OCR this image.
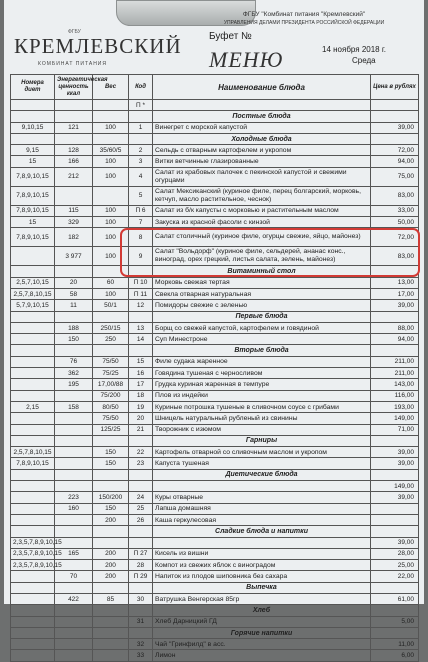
ФГБУ "Комбинат питания "Кремлевский"
УПРАВЛЕНИЯ ДЕЛАМИ ПРЕЗИДЕНТА РОССИЙСКОЙ ФЕДЕРАЦИИ
ФГБУ
КРЕМЛЕВСКИЙ
КОМБИНАТ ПИТАНИЯ
Буфет №
МЕНЮ	14 ноября 2018 г.
Среда
Номера диет	Энергетическая ценность ккал	Вес	Код	Наименование блюда	Цена в рублях
			П *		
				Постные блюда	
9,10,15	121	100	1	Винегрет с морской капустой	39,00
				Холодные блюда	
9,15	128	35/60/5	2	Сельдь с отварным картофелем и укропом	72,00
15	166	100	3	Витки ветчинные глазированные	94,00
7,8,9,10,15	212	100	4	Салат из крабовых палочек с пекинской капустой и свежими огурцами	75,00
7,8,9,10,15			5	Салат Мексиканский (куриное филе, перец болгарский, морковь, кетчуп, масло растительное, чеснок)	83,00
7,8,9,10,15	115	100	П 6	Салат из б/к капусты с морковью и растительным маслом	33,00
15	329	100	7	Закуска из красной фасоли с кинзой	50,00
7,8,9,10,15	182	100	8	Салат столичный (куриное филе, огурцы свежие, яйцо, майонез)	72,00
	3 977	100	9	Салат "Вольдорф" (куриное филе, сельдерей, ананас конс., виноград, орех грецкий, листья салата, зелень, майонез)	83,00
				Витаминный стол	
2,5,7,10,15	20	60	П 10	Морковь свежая тертая	13,00
2,5,7,8,10,15	58	100	П 11	Свекла отварная натуральная	17,00
5,7,9,10,15	11	50/1	12	Помидоры свежие с зеленью	39,00
				Первые блюда	
	188	250/15	13	Борщ со свежей капустой, картофелем и говядиной	88,00
	150	250	14	Суп Минестроне	94,00
				Вторые блюда	
	76	75/50	15	Филе судака жаренное	211,00
	362	75/25	16	Говядина тушеная с черносливом	211,00
	195	17,00/88	17	Грудка куриная жаренная в темпуре	143,00
		75/200	18	Плов из индейки	116,00
2,15	158	80/50	19	Куриные потрошка тушеные в сливочном соусе с грибами	193,00
		75/50	20	Шницель натуральный рубленый из свинины	149,00
		125/25	21	Творожник с изюмом	71,00
				Гарниры	
2,5,7,8,10,15		150	22	Картофель отварной со сливочным маслом и укропом	39,00
7,8,9,10,15		150	23	Капуста тушеная	39,00
				Диетические блюда	
					149,00
	223	150/200	24	Куры отварные	39,00
	160	150	25	Лапша домашняя	
		200	26	Каша геркулесовая	
				Сладкие блюда и напитки	
2,3,5,7,8,9,10,15					39,00
2,3,5,7,8,9,10,15	165	200	П 27	Кисель из вишни	28,00
2,3,5,7,8,9,10,15		200	28	Компот из свежих яблок с виноградом	25,00
	70	200	П 29	Напиток из плодов шиповника без сахара	22,00
				Выпечка	
	422	85	30	Ватрушка Венгерская 85гр	61,00
				Хлеб	
			31	Хлеб Дарницкий ГД	5,00
				Горячие напитки	
			32	Чай "Гринфилд" в асс.	11,00
			33	Лимон	6,00
